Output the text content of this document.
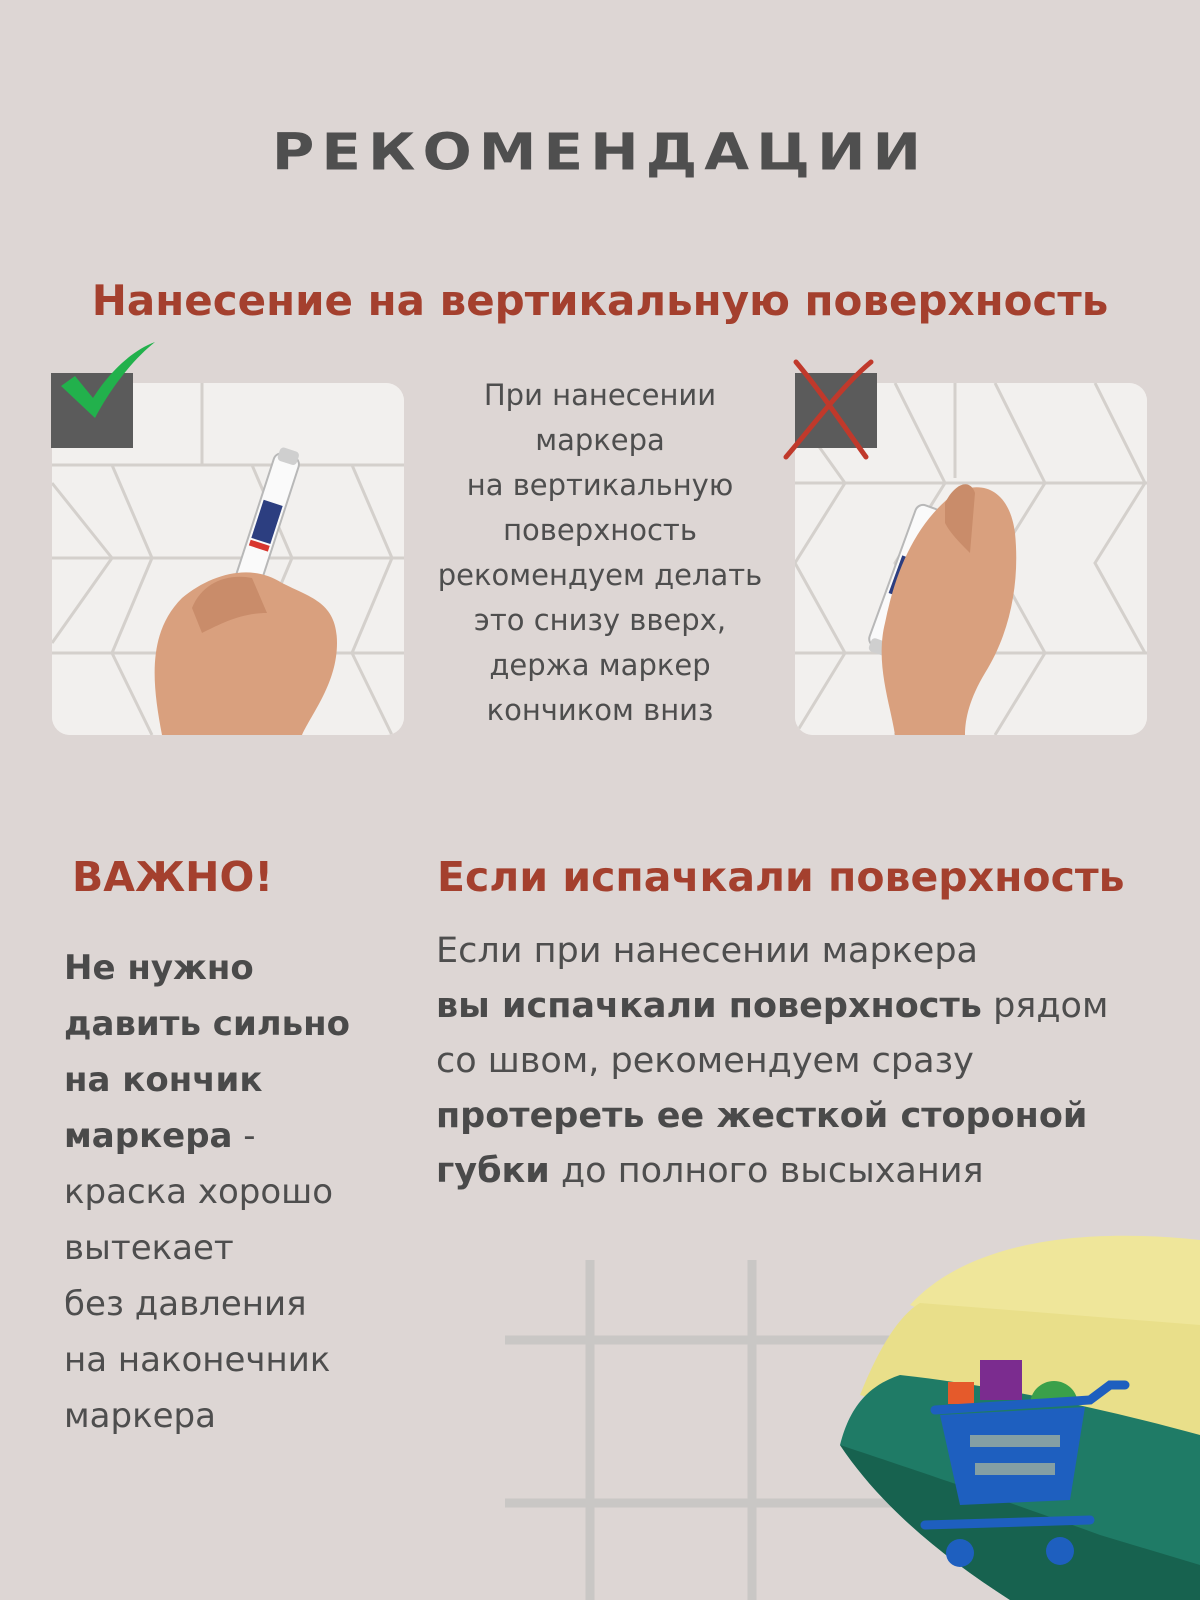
РЕКОМЕНДАЦИИ
Нанесение на вертикальную поверхность
При нанесении
маркера
на вертикальную
поверхность
рекомендуем делать
это снизу вверх,
держа маркер
кончиком вниз
ВАЖНО!
Не нужно
давить сильно
на кончик
маркера -
краска хорошо
вытекает
без давления
на наконечник
маркера
Если испачкали поверхность
Если при нанесении маркера
вы испачкали поверхность рядом
со швом, рекомендуем сразу
протереть ее жесткой стороной
губки до полного высыхания
